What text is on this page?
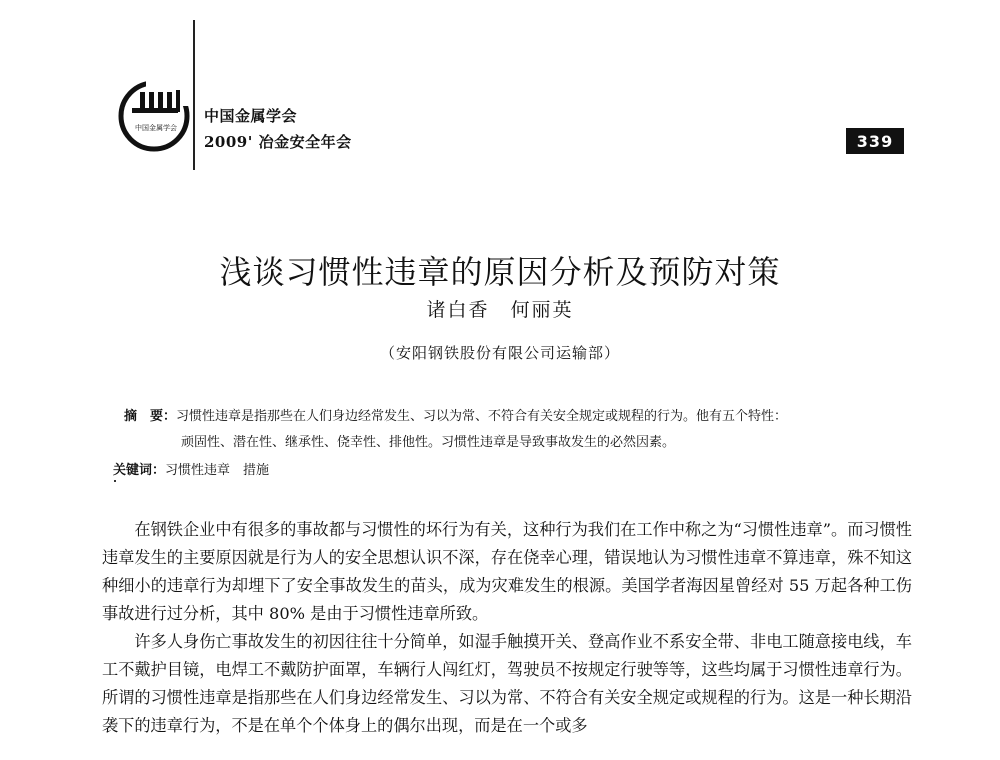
中国金属学会
中国金属学会
2009' 冶金安全年会	339
浅谈习惯性违章的原因分析及预防对策
诸白香　何丽英
（安阳钢铁股份有限公司运输部）
摘　要：习惯性违章是指那些在人们身边经常发生、习以为常、不符合有关安全规定或规程的行为。他有五个特性：
顽固性、潜在性、继承性、侥幸性、排他性。习惯性违章是导致事故发生的必然因素。
关键词：习惯性违章　措施

在钢铁企业中有很多的事故都与习惯性的坏行为有关，这种行为我们在工作中称之为“习惯性违章”。而习惯性违章发生的主要原因就是行为人的安全思想认识不深，存在侥幸心理，错误地认为习惯性违章不算违章，殊不知这种细小的违章行为却埋下了安全事故发生的苗头，成为灾难发生的根源。美国学者海因星曾经对 55 万起各种工伤事故进行过分析，其中 80% 是由于习惯性违章所致。

许多人身伤亡事故发生的初因往往十分简单，如湿手触摸开关、登高作业不系安全带、非电工随意接电线，车工不戴护目镜，电焊工不戴防护面罩，车辆行人闯红灯，驾驶员不按规定行驶等等，这些均属于习惯性违章行为。所谓的习惯性违章是指那些在人们身边经常发生、习以为常、不符合有关安全规定或规程的行为。这是一种长期沿袭下的违章行为，不是在单个个体身上的偶尔出现，而是在一个或多
